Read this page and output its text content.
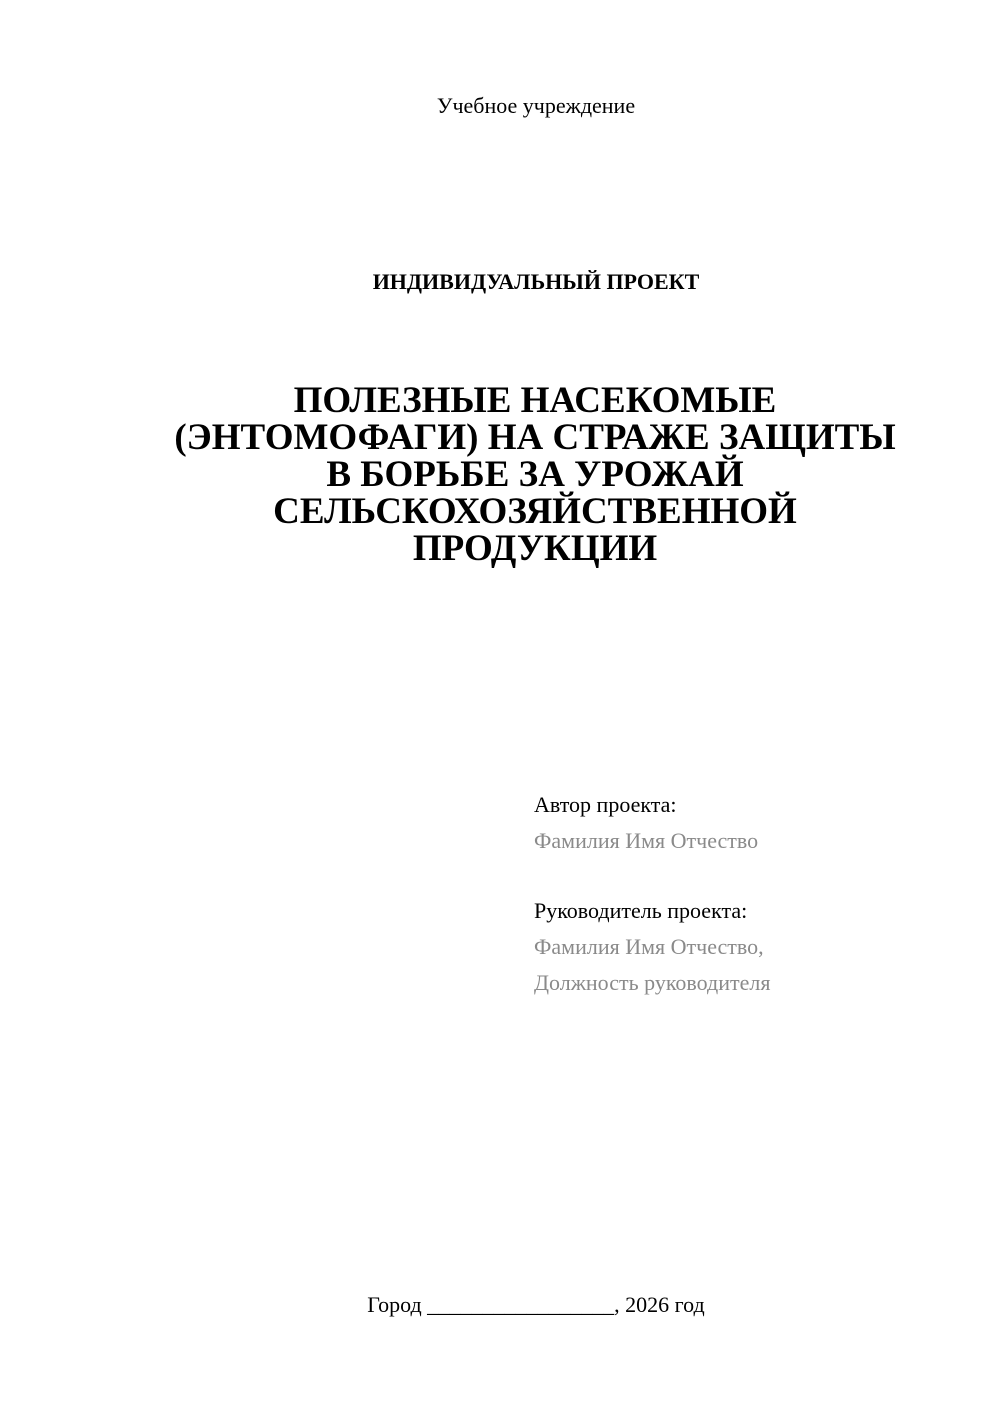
Учебное учреждение
ИНДИВИДУАЛЬНЫЙ ПРОЕКТ
ПОЛЕЗНЫЕ НАСЕКОМЫЕ
(ЭНТОМОФАГИ) НА СТРАЖЕ ЗАЩИТЫ
В БОРЬБЕ ЗА УРОЖАЙ
СЕЛЬСКОХОЗЯЙСТВЕННОЙ
ПРОДУКЦИИ
Автор проекта:
Фамилия Имя Отчество
Руководитель проекта:
Фамилия Имя Отчество,
Должность руководителя
Город _________________, 2026 год
